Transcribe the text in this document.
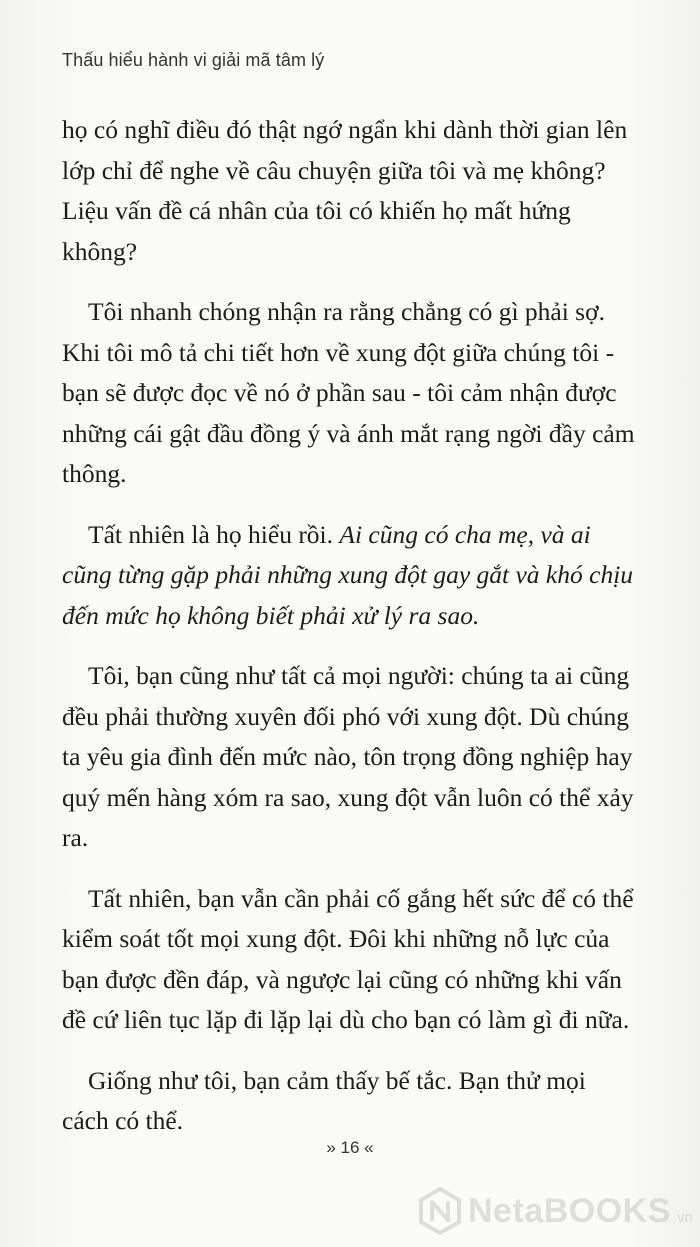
Thấu hiểu hành vi giải mã tâm lý

họ có nghĩ điều đó thật ngớ ngẩn khi dành thời gian lên lớp chỉ để nghe về câu chuyện giữa tôi và mẹ không? Liệu vấn đề cá nhân của tôi có khiến họ mất hứng không?

Tôi nhanh chóng nhận ra rằng chẳng có gì phải sợ. Khi tôi mô tả chi tiết hơn về xung đột giữa chúng tôi - bạn sẽ được đọc về nó ở phần sau - tôi cảm nhận được những cái gật đầu đồng ý và ánh mắt rạng ngời đầy cảm thông.

Tất nhiên là họ hiểu rồi. Ai cũng có cha mẹ, và ai cũng từng gặp phải những xung đột gay gắt và khó chịu đến mức họ không biết phải xử lý ra sao.

Tôi, bạn cũng như tất cả mọi người: chúng ta ai cũng đều phải thường xuyên đối phó với xung đột. Dù chúng ta yêu gia đình đến mức nào, tôn trọng đồng nghiệp hay quý mến hàng xóm ra sao, xung đột vẫn luôn có thể xảy ra.

Tất nhiên, bạn vẫn cần phải cố gắng hết sức để có thể kiểm soát tốt mọi xung đột. Đôi khi những nỗ lực của bạn được đền đáp, và ngược lại cũng có những khi vấn đề cứ liên tục lặp đi lặp lại dù cho bạn có làm gì đi nữa.

Giống như tôi, bạn cảm thấy bế tắc. Bạn thử mọi cách có thể.

» 16 «
NetaBOOKS .vn
